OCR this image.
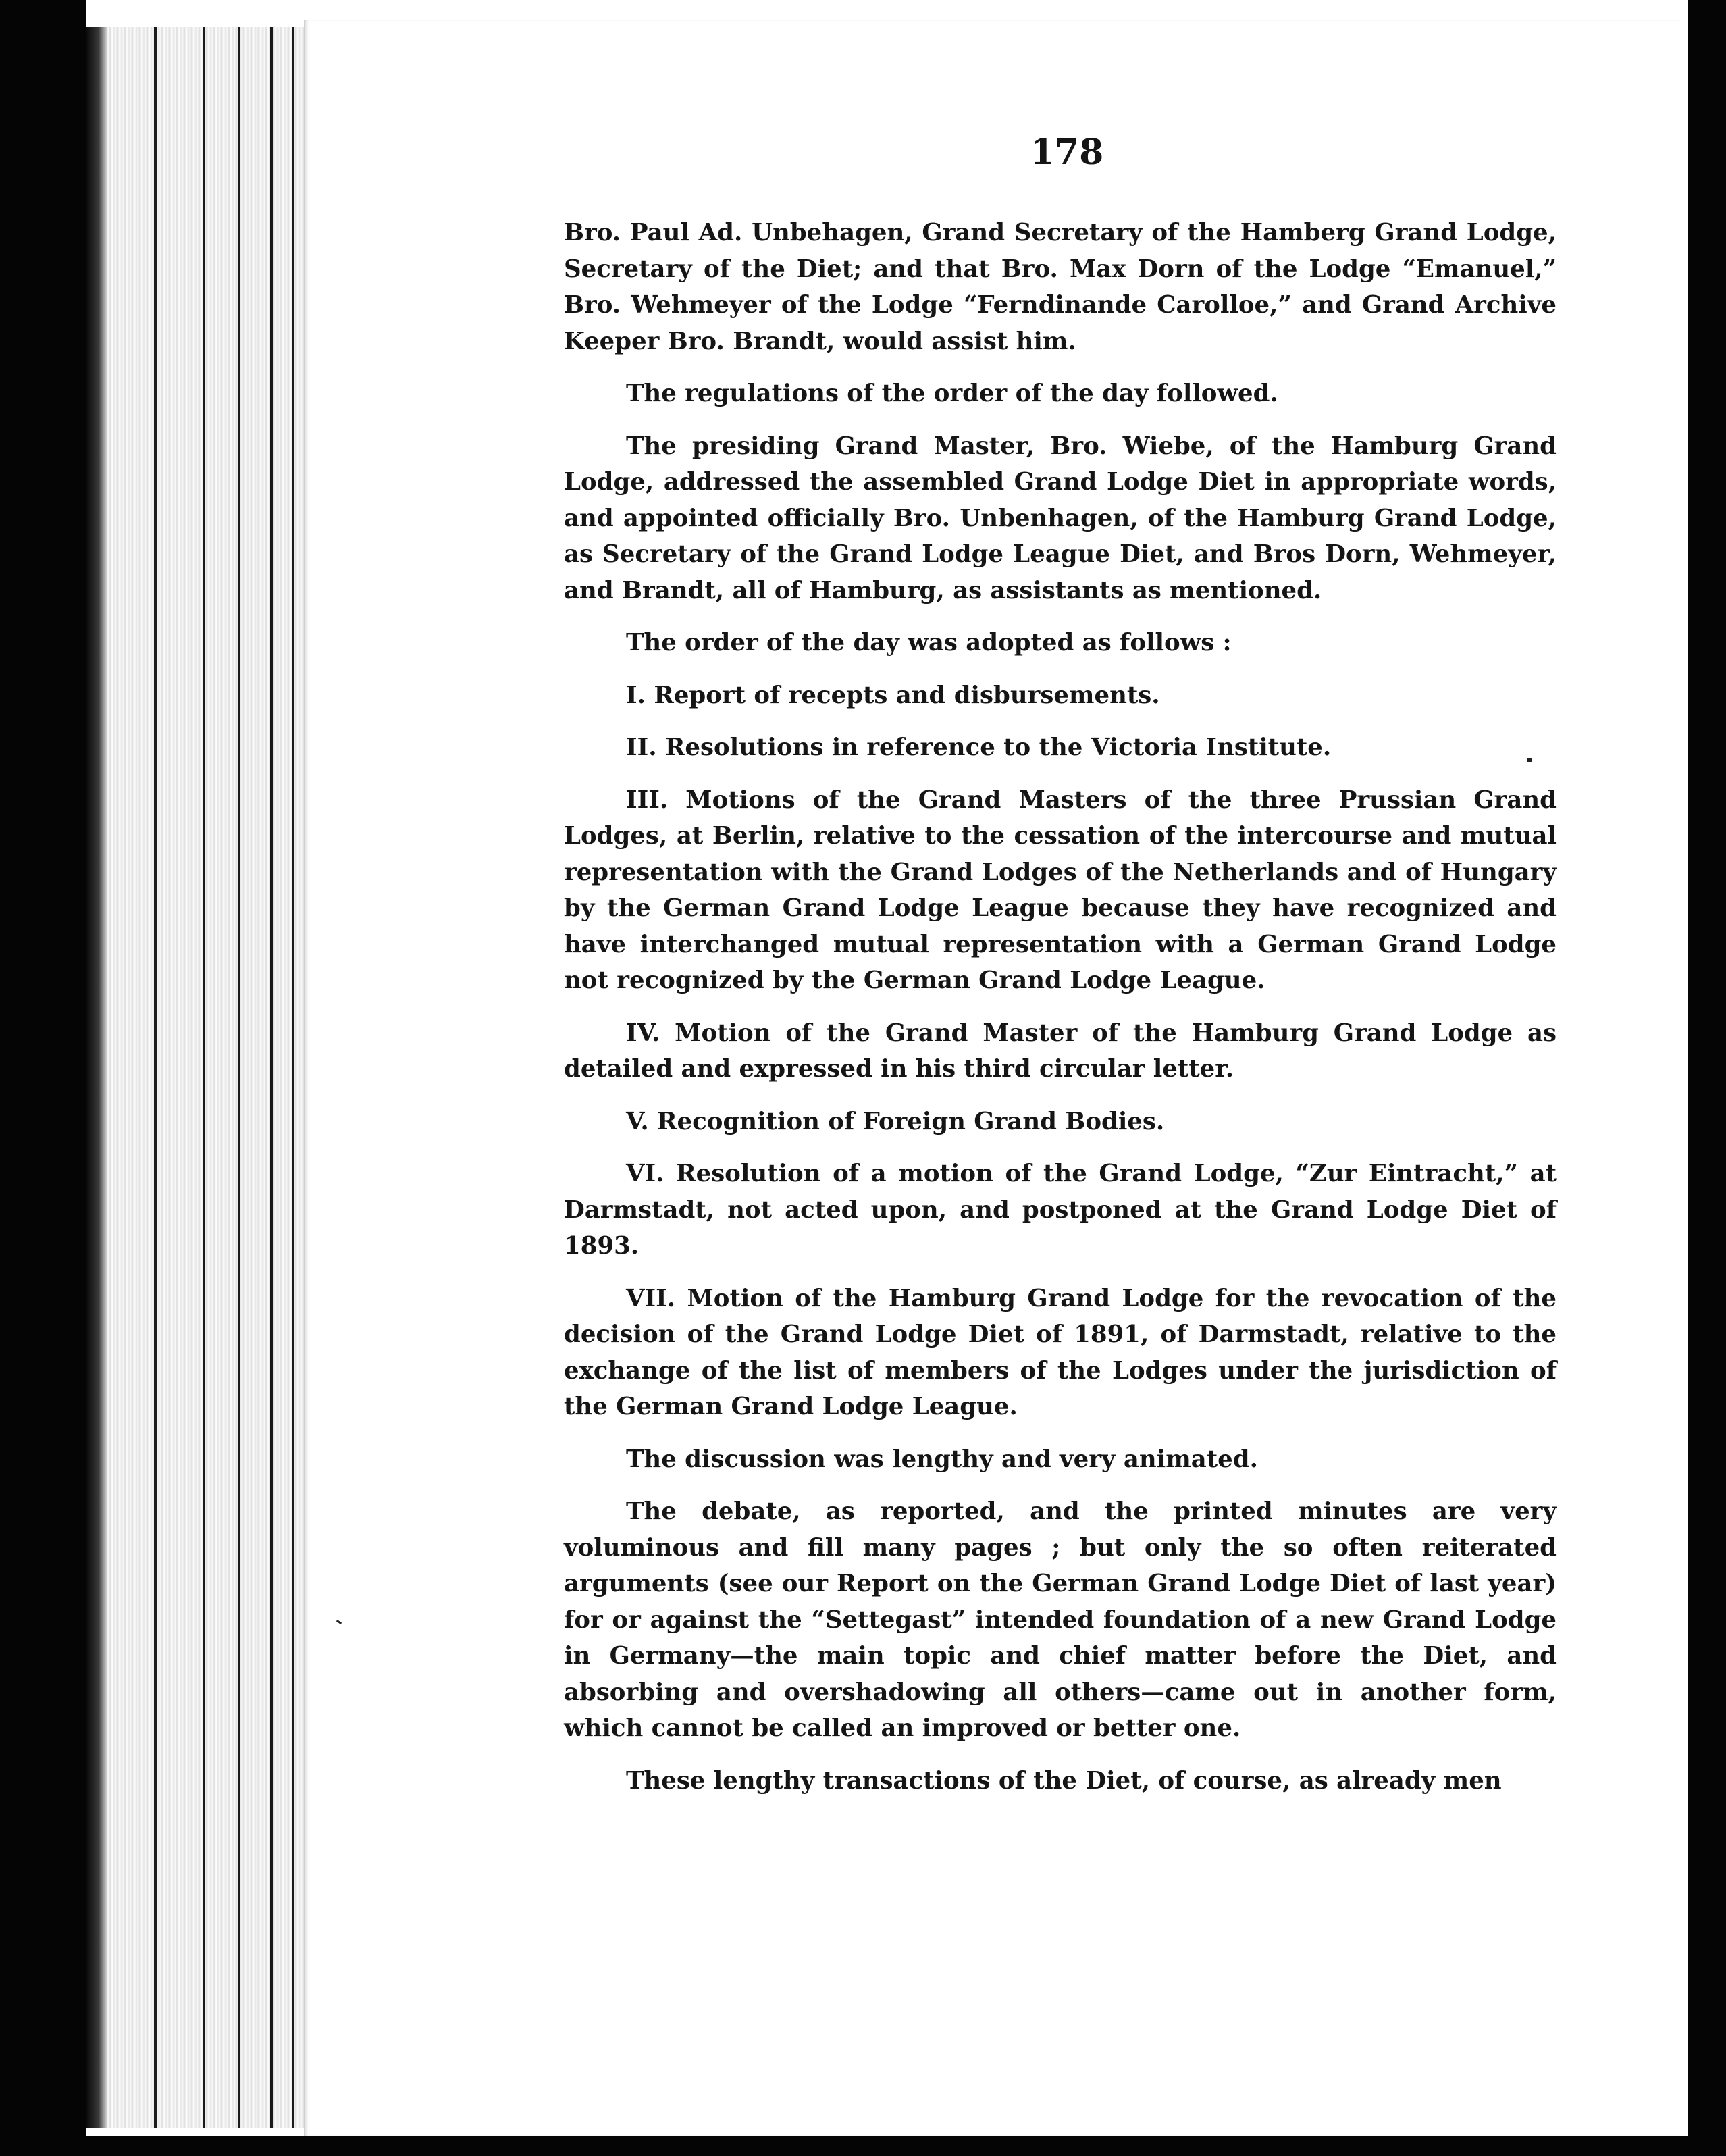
178

Bro. Paul Ad. Unbehagen, Grand Secretary of the Hamberg Grand Lodge, Secretary of the Diet; and that Bro. Max Dorn of the Lodge “Emanuel,” Bro. Wehmeyer of the Lodge “Ferndinande Carolloe,” and Grand Archive Keeper Bro. Brandt, would assist him.

The regulations of the order of the day followed.

The presiding Grand Master, Bro. Wiebe, of the Hamburg Grand Lodge, addressed the assembled Grand Lodge Diet in appropriate words, and appointed officially Bro. Unbenhagen, of the Hamburg Grand Lodge, as Secretary of the Grand Lodge League Diet, and Bros Dorn, Wehmeyer, and Brandt, all of Hamburg, as assistants as mentioned.

The order of the day was adopted as follows :

I. Report of recepts and disbursements.

II. Resolutions in reference to the Victoria Institute.

III. Motions of the Grand Masters of the three Prussian Grand Lodges, at Berlin, relative to the cessation of the intercourse and mutual representation with the Grand Lodges of the Netherlands and of Hungary by the German Grand Lodge League because they have recognized and have interchanged mutual representation with a German Grand Lodge not recognized by the German Grand Lodge League.

IV. Motion of the Grand Master of the Hamburg Grand Lodge as detailed and expressed in his third circular letter.

V. Recognition of Foreign Grand Bodies.

VI. Resolution of a motion of the Grand Lodge, “Zur Eintracht,” at Darmstadt, not acted upon, and postponed at the Grand Lodge Diet of 1893.

VII. Motion of the Hamburg Grand Lodge for the revocation of the decision of the Grand Lodge Diet of 1891, of Darmstadt, relative to the exchange of the list of members of the Lodges under the jurisdiction of the German Grand Lodge League.

The discussion was lengthy and very animated.

The debate, as reported, and the printed minutes are very voluminous and fill many pages ; but only the so often reiterated arguments (see our Report on the German Grand Lodge Diet of last year) for or against the “Settegast” intended foundation of a new Grand Lodge in Germany—the main topic and chief matter before the Diet, and absorbing and overshadowing all others—came out in another form, which cannot be called an improved or better one.

These lengthy transactions of the Diet, of course, as already men
